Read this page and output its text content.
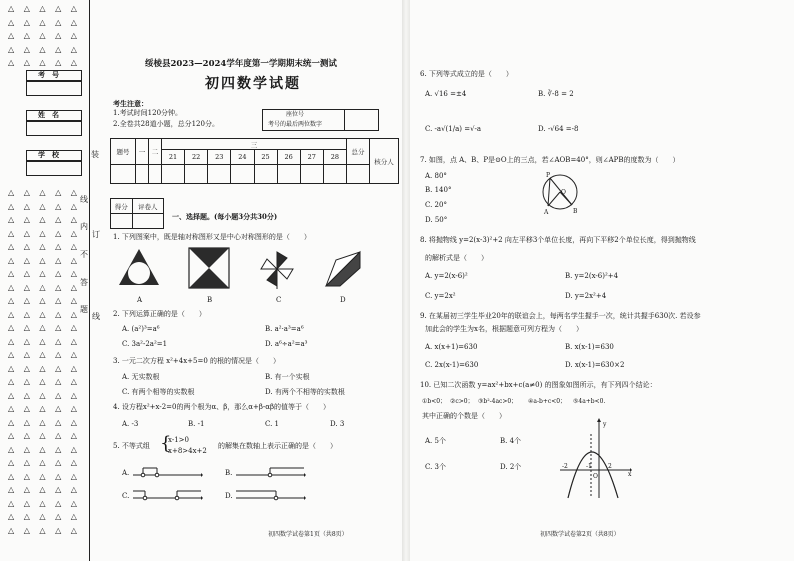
△ △ △ △ △
△ △ △ △ △
△ △ △ △ △
△ △ △ △ △
△ △ △ △ △
考　号
姓　名
学　校
△ △ △ △ △
△ △ △ △ △
△ △ △ △ △
△ △ △ △ △
△ △ △ △ △
△ △ △ △ △
△ △ △ △ △
△ △ △ △ △
△ △ △ △ △
△ △ △ △ △
△ △ △ △ △
△ △ △ △ △
△ △ △ △ △
△ △ △ △ △
△ △ △ △ △
△ △ △ △ △
△ △ △ △ △
△ △ △ △ △
△ △ △ △ △
△ △ △ △ △
△ △ △ △ △
△ △ △ △ △
△ △ △ △ △
△ △ △ △ △
△ △ △ △ △
△ △ △ △ △
装
线
内
不
答
题
线
订
绥棱县2023—2024学年度第一学期期末统一测试
初四数学试题
考生注意：
1.考试时间120分钟。
2.全卷共28道小题，总分120分。
座位号
考号的最后两位数字
题号	一	二	三								总分	核分人
			21	22	23	24	25	26	27	28		

得分	评卷人

一、选择题。(每小题3分共30分)
1. 下列图案中，既是轴对称图形又是中心对称图形的是（　　）
A	B	C	D
2. 下列运算正确的是（　　）
A. (a²)³=a⁶	B. a²·a³=a⁶
C. 3a²-2a²=1	D. a⁶÷a²=a³
3. 一元二次方程 x²+4x+5=0 的根的情况是（　　）
A. 无实数根	B. 有一个实根
C. 有两个相等的实数根	D. 有两个不相等的实数根
4. 设方程x²+x-2=0的两个根为α、β，那么α+β-αβ的值等于（　　）
A. -3	B. -1	C. 1	D. 3
5. 不等式组 {
x-1>0
x+8>4x+2
的解集在数轴上表示正确的是（　　）
A.	B.
C.	D.
初四数学试卷第1页（共8页）
6. 下列等式成立的是（　　）
A. √16 =±4	B. ∛-8 = 2
C. -a√(1/a) =√-a	D. -√64 =-8
7. 如图，点 A、B、P是⊙O上的三点，若∠AOB=40°，则∠APB的度数为（　　）
A. 80°
B. 140°
C. 20°
D. 50°
P
O
A	B
8. 将抛物线 y=2(x-3)²+2 向左平移3个单位长度，再向下平移2个单位长度，得到抛物线
的解析式是（　　）
A. y=2(x-6)²	B. y=2(x-6)²+4
C. y=2x²	D. y=2x²+4
9. 在某届初三学生毕业20年的联谊会上，每两名学生握手一次，统计共握手630次. 若设参
加此会的学生为x名，根据题意可列方程为（　　）
A. x(x+1)=630	B. x(x-1)=630
C. 2x(x-1)=630	D. x(x-1)=630×2
10. 已知二次函数 y=ax²+bx+c(a≠0) 的图象如图所示，有下列四个结论：
①b<0； ②c>0； ③b²-4ac>0； ④a-b+c<0； ⑤4a+b<0.
其中正确的个数是（　　）
A. 5个	B. 4个
C. 3个	D. 2个
y
x
O
-2	2
-1
初四数学试卷第2页（共8页）
